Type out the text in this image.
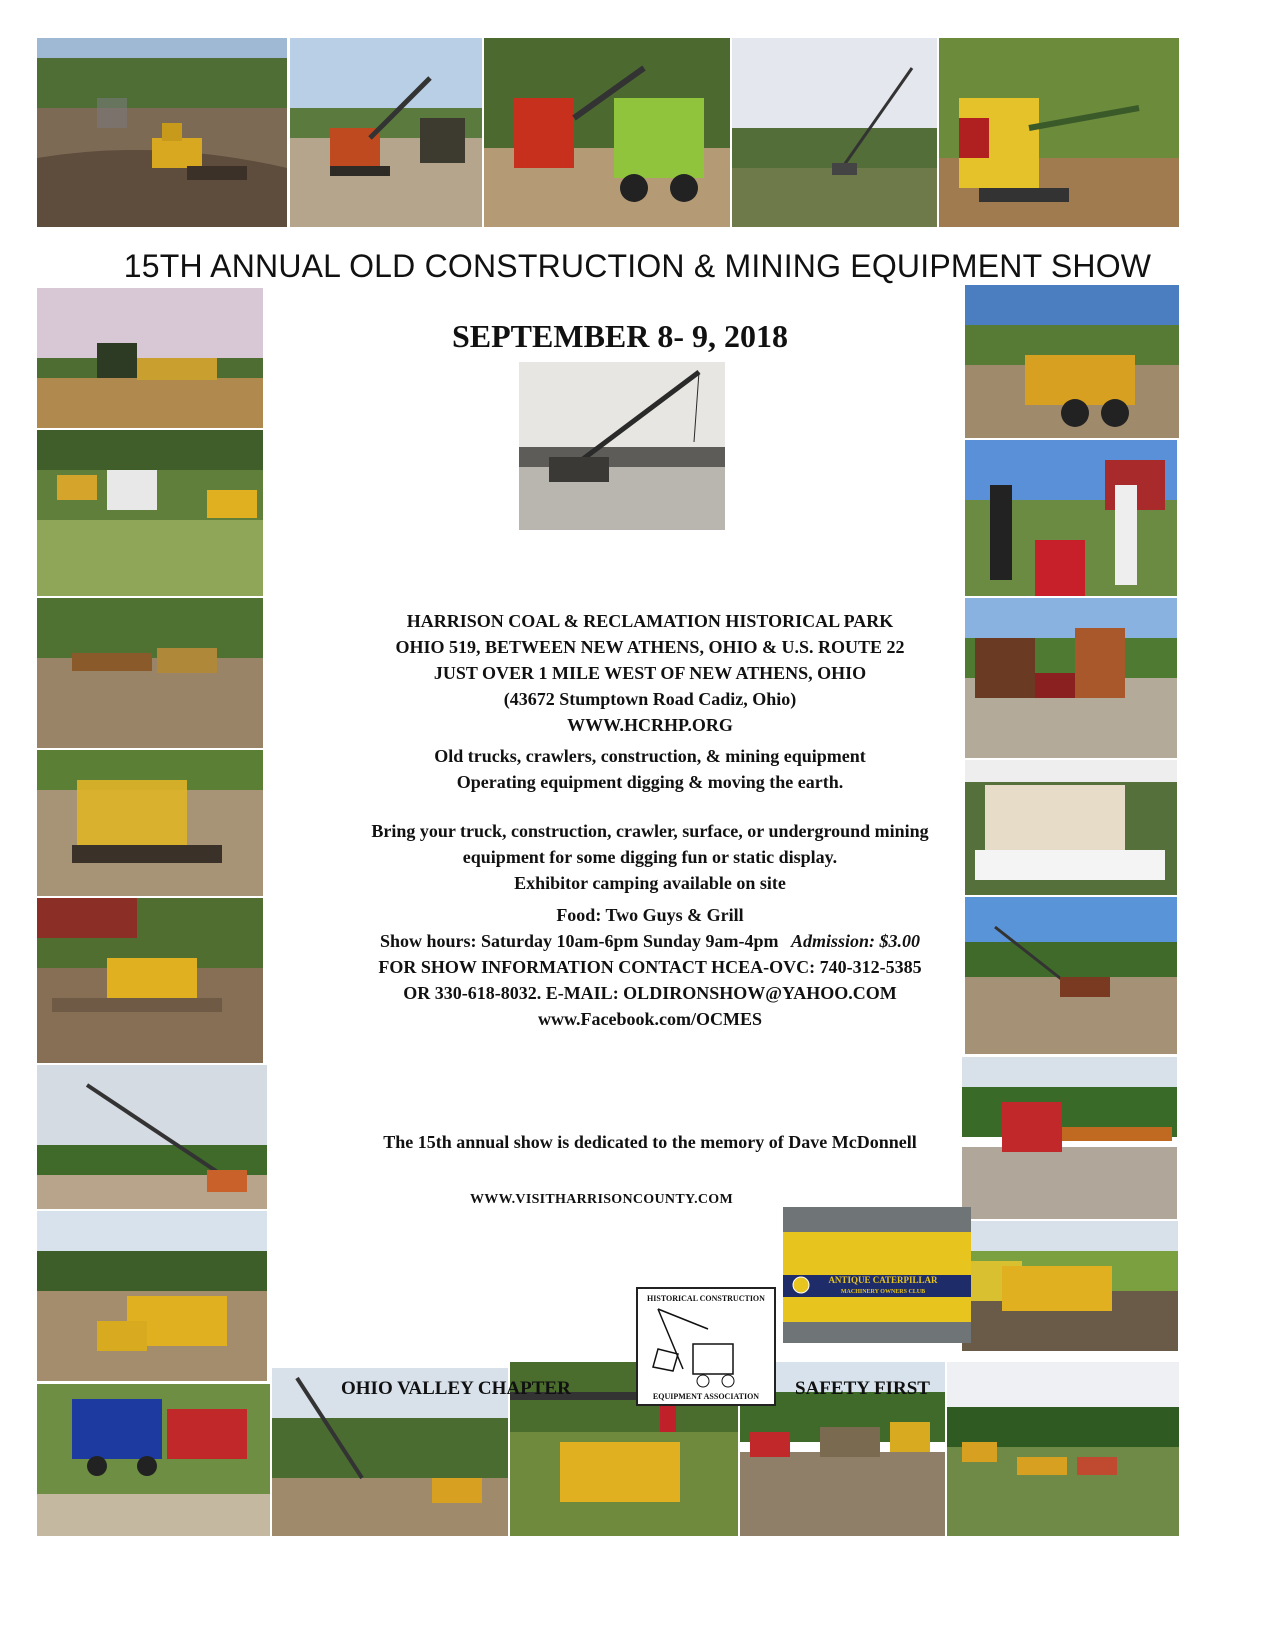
15TH ANNUAL OLD CONSTRUCTION & MINING EQUIPMENT SHOW
SEPTEMBER 8- 9, 2018

HARRISON COAL & RECLAMATION HISTORICAL PARK

OHIO 519, BETWEEN NEW ATHENS, OHIO & U.S. ROUTE 22

JUST OVER 1 MILE WEST OF NEW ATHENS, OHIO

(43672 Stumptown Road Cadiz, Ohio)

WWW.HCRHP.ORG

Old trucks, crawlers, construction, & mining equipment

Operating equipment digging & moving the earth.

Bring your truck, construction, crawler, surface, or underground mining

equipment for some digging fun or static display.

Exhibitor camping available on site

Food: Two Guys & Grill

Show hours: Saturday 10am-6pm Sunday 9am-4pm Admission: $3.00

FOR SHOW INFORMATION CONTACT HCEA-OVC: 740-312-5385

OR 330-618-8032. E-MAIL: OLDIRONSHOW@YAHOO.COM

www.Facebook.com/OCMES

The 15th annual show is dedicated to the memory of Dave McDonnell
WWW.VISITHARRISONCOUNTY.COM
OHIO VALLEY CHAPTER
HISTORICAL CONSTRUCTION
EQUIPMENT ASSOCIATION
ANTIQUE CATERPILLAR
MACHINERY OWNERS CLUB
SAFETY FIRST
